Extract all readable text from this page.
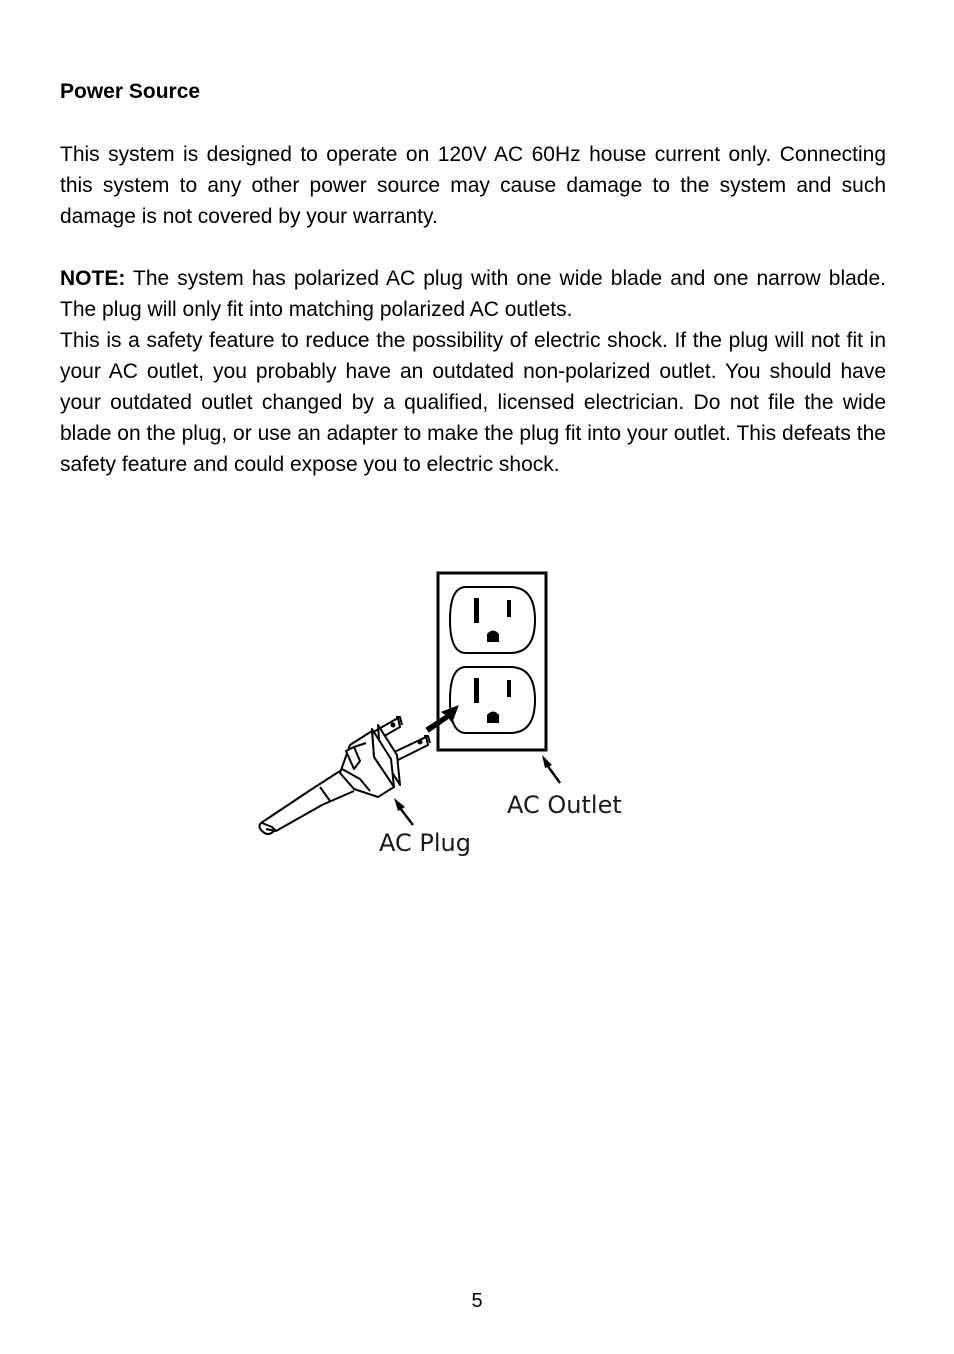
Power Source

This system is designed to operate on 120V AC 60Hz house current only. Connecting this system to any other power source may cause damage to the system and such damage is not covered by your warranty.

NOTE: The system has polarized AC plug with one wide blade and one narrow blade. The plug will only fit into matching polarized AC outlets.
This is a safety feature to reduce the possibility of electric shock. If the plug will not fit in your AC outlet, you probably have an outdated non-polarized outlet. You should have your outdated outlet changed by a qualified, licensed electrician. Do not file the wide blade on the plug, or use an adapter to make the plug fit into your outlet. This defeats the safety feature and could expose you to electric shock.

AC Outlet
AC Plug
5
